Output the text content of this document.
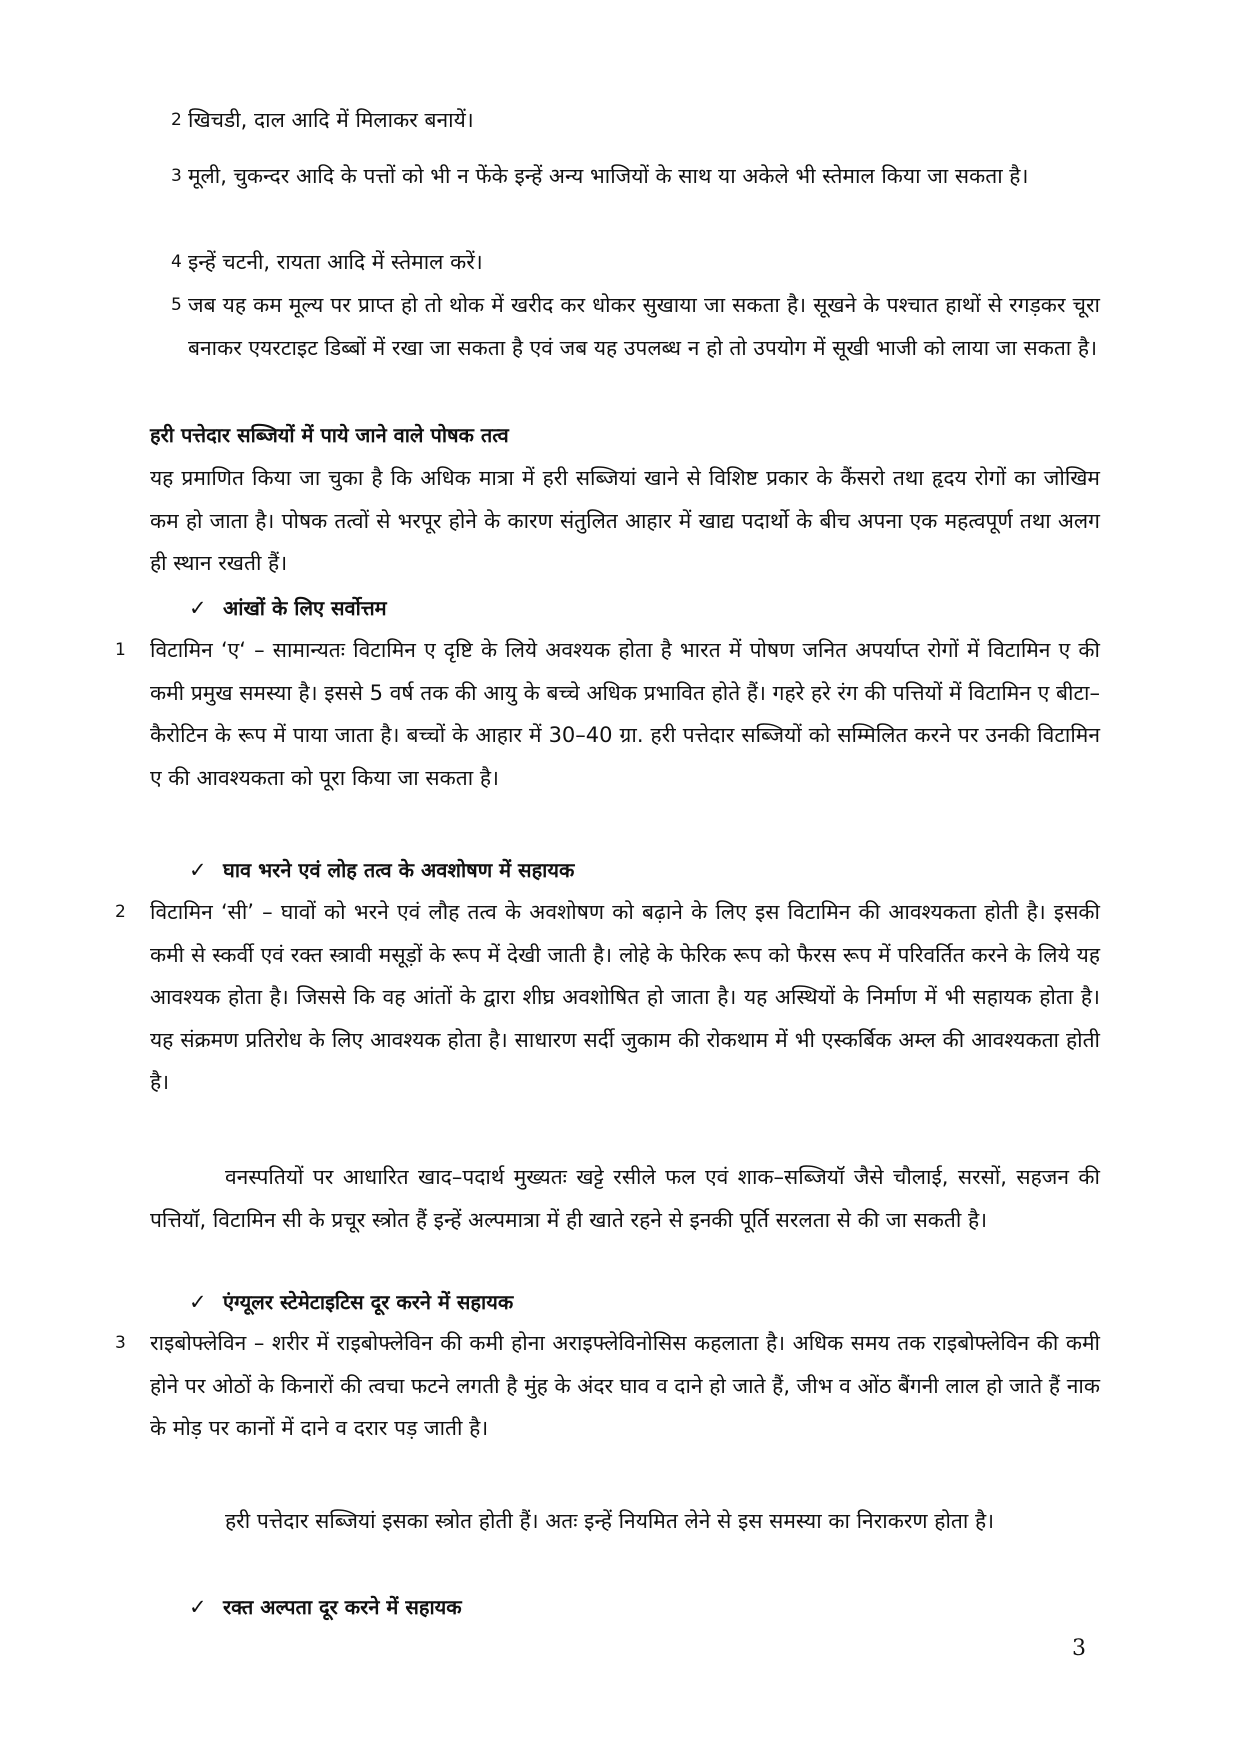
2 खिचडी, दाल आदि में मिलाकर बनायें।

3 मूली, चुकन्दर आदि के पत्तों को भी न फेंके इन्हें अन्य भाजियों के साथ या अकेले भी स्तेमाल किया जा सकता है।

4 इन्हें चटनी, रायता आदि में स्तेमाल करें।

5 जब यह कम मूल्य पर प्राप्त हो तो थोक में खरीद कर धोकर सुखाया जा सकता है। सूखने के पश्चात हाथों से रगड़कर चूरा बनाकर एयरटाइट डिब्बों में रखा जा सकता है एवं जब यह उपलब्ध न हो तो उपयोग में सूखी भाजी को लाया जा सकता है।

हरी पत्तेदार सब्जियों में पाये जाने वाले पोषक तत्व

यह प्रमाणित किया जा चुका है कि अधिक मात्रा में हरी सब्जियां खाने से विशिष्ट प्रकार के कैंसरो तथा हृदय रोगों का जोखिम कम हो जाता है। पोषक तत्वों से भरपूर होने के कारण संतुलित आहार में खाद्य पदार्थो के बीच अपना एक महत्वपूर्ण तथा अलग ही स्थान रखती हैं।

✓ आंखों के लिए सर्वोत्तम
1 विटामिन ‘ए‘ – सामान्यतः विटामिन ए दृष्टि के लिये अवश्यक होता है भारत में पोषण जनित अपर्याप्त रोगों में विटामिन ए की कमी प्रमुख समस्या है। इससे 5 वर्ष तक की आयु के बच्चे अधिक प्रभावित होते हैं। गहरे हरे रंग की पत्तियों में विटामिन ए बीटा–कैरोटिन के रूप में पाया जाता है। बच्चों के आहार में 30–40 ग्रा. हरी पत्तेदार सब्जियों को सम्मिलित करने पर उनकी विटामिन ए की आवश्यकता को पूरा किया जा सकता है।

✓ घाव भरने एवं लोह तत्व के अवशोषण में सहायक
2 विटामिन ‘सी’ – घावों को भरने एवं लौह तत्व के अवशोषण को बढ़ाने के लिए इस विटामिन की आवश्यकता होती है। इसकी कमी से स्कर्वी एवं रक्त स्त्रावी मसूड़ों के रूप में देखी जाती है। लोहे के फेरिक रूप को फैरस रूप में परिवर्तित करने के लिये यह आवश्यक होता है। जिससे कि वह आंतों के द्वारा शीघ्र अवशोषित हो जाता है। यह अस्थियों के निर्माण में भी सहायक होता है। यह संक्रमण प्रतिरोध के लिए आवश्यक होता है। साधारण सर्दी जुकाम की रोकथाम में भी एस्कर्बिक अम्ल की आवश्यकता होती है।

वनस्पतियों पर आधारित खाद–पदार्थ मुख्यतः खट्टे रसीले फल एवं शाक–सब्जियॉ जैसे चौलाई, सरसों, सहजन की पत्तियॉ, विटामिन सी के प्रचूर स्त्रोत हैं इन्हें अल्पमात्रा में ही खाते रहने से इनकी पूर्ति सरलता से की जा सकती है।

✓ एंग्यूलर स्टेमेटाइटिस दूर करने में सहायक
3 राइबोफ्लेविन – शरीर में राइबोफ्लेविन की कमी होना अराइफ्लेविनोसिस कहलाता है। अधिक समय तक राइबोफ्लेविन की कमी होने पर ओठों के किनारों की त्वचा फटने लगती है मुंह के अंदर घाव व दाने हो जाते हैं, जीभ व ओंठ बैंगनी लाल हो जाते हैं नाक के मोड़ पर कानों में दाने व दरार पड़ जाती है।

हरी पत्तेदार सब्जियां इसका स्त्रोत होती हैं। अतः इन्हें नियमित लेने से इस समस्या का निराकरण होता है।

✓ रक्त अल्पता दूर करने में सहायक
3
